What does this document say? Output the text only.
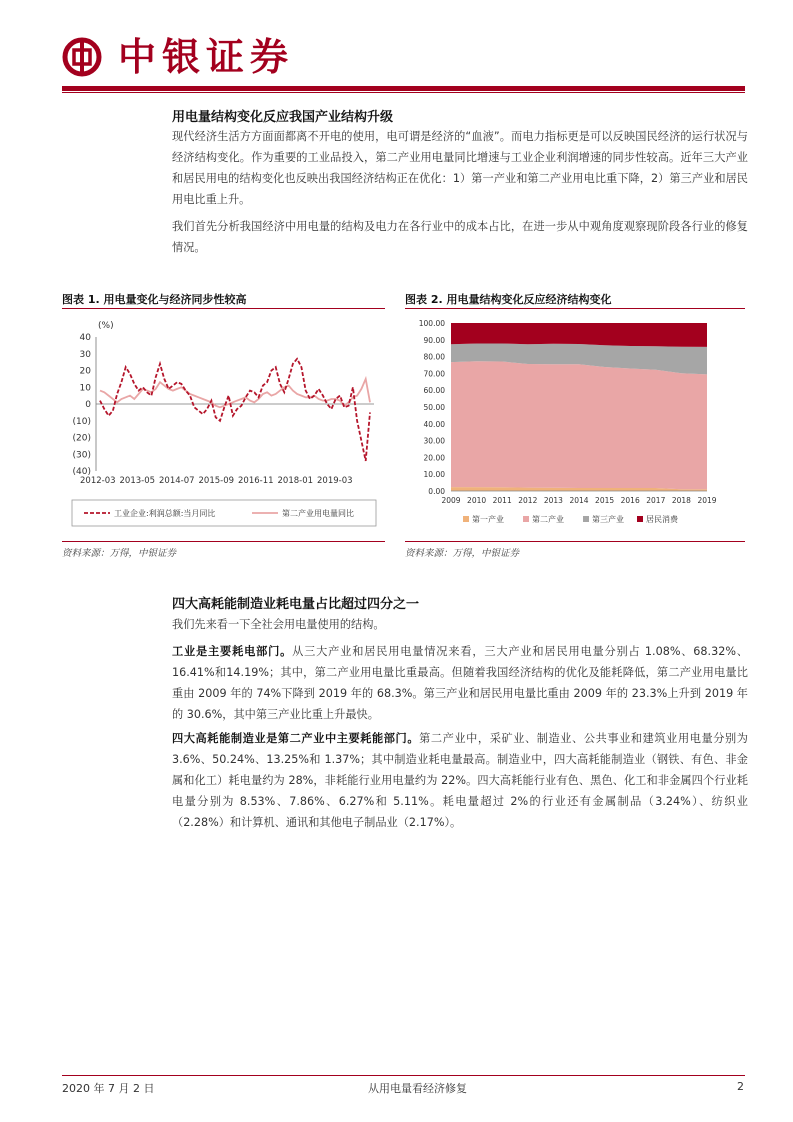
中银证券
用电量结构变化反应我国产业结构升级
现代经济生活方方面面都离不开电的使用，电可谓是经济的“血液”。而电力指标更是可以反映国民经济的运行状况与经济结构变化。作为重要的工业品投入，第二产业用电量同比增速与工业企业利润增速的同步性较高。近年三大产业和居民用电的结构变化也反映出我国经济结构正在优化：1）第一产业和第二产业用电比重下降，2）第三产业和居民用电比重上升。
我们首先分析我国经济中用电量的结构及电力在各行业中的成本占比，在进一步从中观角度观察现阶段各行业的修复情况。
图表 1. 用电量变化与经济同步性较高
40
30
20
10
0
(10)
(20)
(30)
(40)
2012-03 2013-05 2014-07 2015-09 2016-11 2018-01 2019-03
(%)
工业企业:利润总额:当月同比	第二产业用电量同比
资料来源：万得，中银证券
图表 2. 用电量结构变化反应经济结构变化
100.00
90.00
80.00
70.00
60.00
50.00
40.00
30.00
20.00
10.00
0.00
2009 2010 2011 2012 2013 2014 2015 2016 2017 2018 2019
第一产业	第二产业	第三产业	居民消费
资料来源：万得，中银证券
四大高耗能制造业耗电量占比超过四分之一
我们先来看一下全社会用电量使用的结构。
工业是主要耗电部门。从三大产业和居民用电量情况来看，三大产业和居民用电量分别占 1.08%、68.32%、16.41%和14.19%；其中，第二产业用电量比重最高。但随着我国经济结构的优化及能耗降低，第二产业用电量比重由 2009 年的 74%下降到 2019 年的 68.3%。第三产业和居民用电量比重由 2009 年的 23.3%上升到 2019 年的 30.6%，其中第三产业比重上升最快。
四大高耗能制造业是第二产业中主要耗能部门。第二产业中，采矿业、制造业、公共事业和建筑业用电量分别为 3.6%、50.24%、13.25%和 1.37%；其中制造业耗电量最高。制造业中，四大高耗能制造业（钢铁、有色、非金属和化工）耗电量约为 28%，非耗能行业用电量约为 22%。四大高耗能行业有色、黑色、化工和非金属四个行业耗电量分别为 8.53%、7.86%、6.27%和 5.11%。耗电量超过 2%的行业还有金属制品（3.24%）、纺织业（2.28%）和计算机、通讯和其他电子制品业（2.17%）。
2020 年 7 月 2 日	从用电量看经济修复	2
